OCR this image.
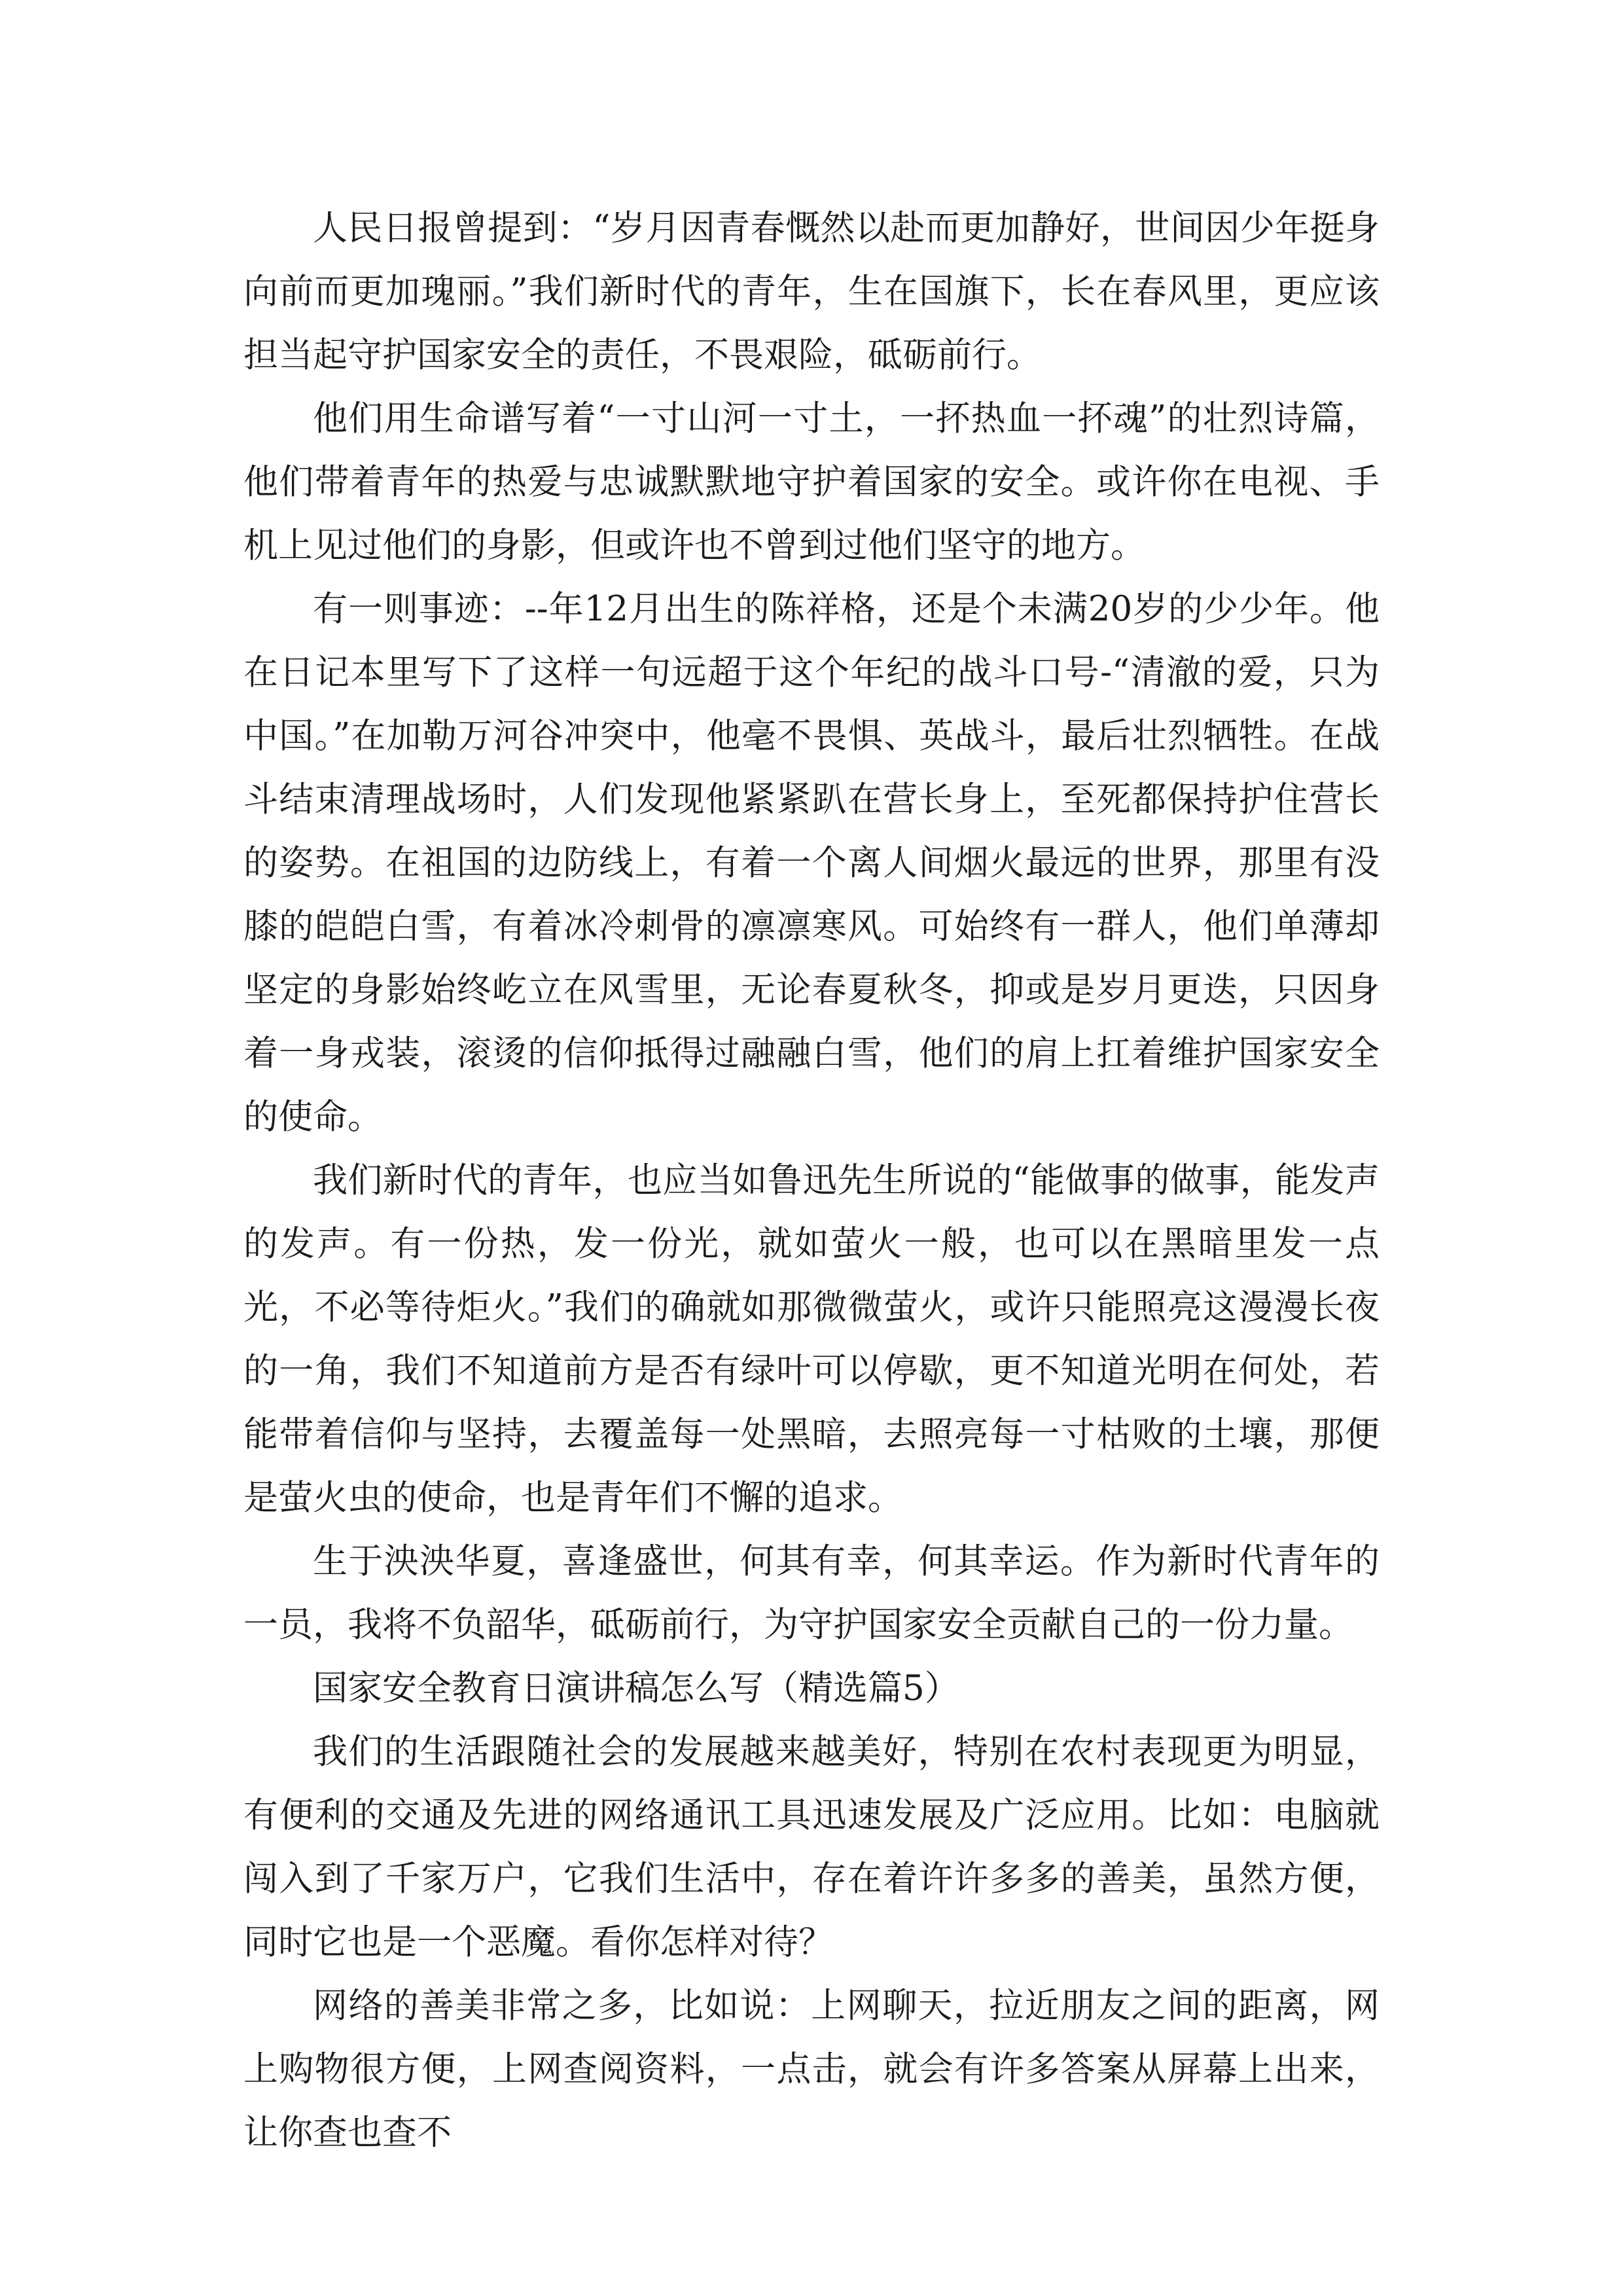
人民日报曾提到：“岁月因青春慨然以赴而更加静好，世间因少年挺身向前而更加瑰丽。”我们新时代的青年，生在国旗下，长在春风里，更应该担当起守护国家安全的责任，不畏艰险，砥砺前行。

他们用生命谱写着“一寸山河一寸土，一抔热血一抔魂”的壮烈诗篇，他们带着青年的热爱与忠诚默默地守护着国家的安全。或许你在电视、手机上见过他们的身影，但或许也不曾到过他们坚守的地方。

有一则事迹：--年12月出生的陈祥格，还是个未满20岁的少少年。他在日记本里写下了这样一句远超于这个年纪的战斗口号-“清澈的爱，只为中国。”在加勒万河谷冲突中，他毫不畏惧、英战斗，最后壮烈牺牲。在战斗结束清理战场时，人们发现他紧紧趴在营长身上，至死都保持护住营长的姿势。在祖国的边防线上，有着一个离人间烟火最远的世界，那里有没膝的皑皑白雪，有着冰冷刺骨的凛凛寒风。可始终有一群人，他们单薄却坚定的身影始终屹立在风雪里，无论春夏秋冬，抑或是岁月更迭，只因身着一身戎装，滚烫的信仰抵得过融融白雪，他们的肩上扛着维护国家安全的使命。

我们新时代的青年，也应当如鲁迅先生所说的“能做事的做事，能发声的发声。有一份热，发一份光，就如萤火一般，也可以在黑暗里发一点光，不必等待炬火。”我们的确就如那微微萤火，或许只能照亮这漫漫长夜的一角，我们不知道前方是否有绿叶可以停歇，更不知道光明在何处，若能带着信仰与坚持，去覆盖每一处黑暗，去照亮每一寸枯败的土壤，那便是萤火虫的使命，也是青年们不懈的追求。

生于泱泱华夏，喜逢盛世，何其有幸，何其幸运。作为新时代青年的一员，我将不负韶华，砥砺前行，为守护国家安全贡献自己的一份力量。

国家安全教育日演讲稿怎么写（精选篇5）

我们的生活跟随社会的发展越来越美好，特别在农村表现更为明显，有便利的交通及先进的网络通讯工具迅速发展及广泛应用。比如：电脑就闯入到了千家万户，它我们生活中，存在着许许多多的善美，虽然方便，同时它也是一个恶魔。看你怎样对待？

网络的善美非常之多，比如说：上网聊天，拉近朋友之间的距离，网上购物很方便，上网查阅资料，一点击，就会有许多答案从屏幕上出来，让你查也查不
